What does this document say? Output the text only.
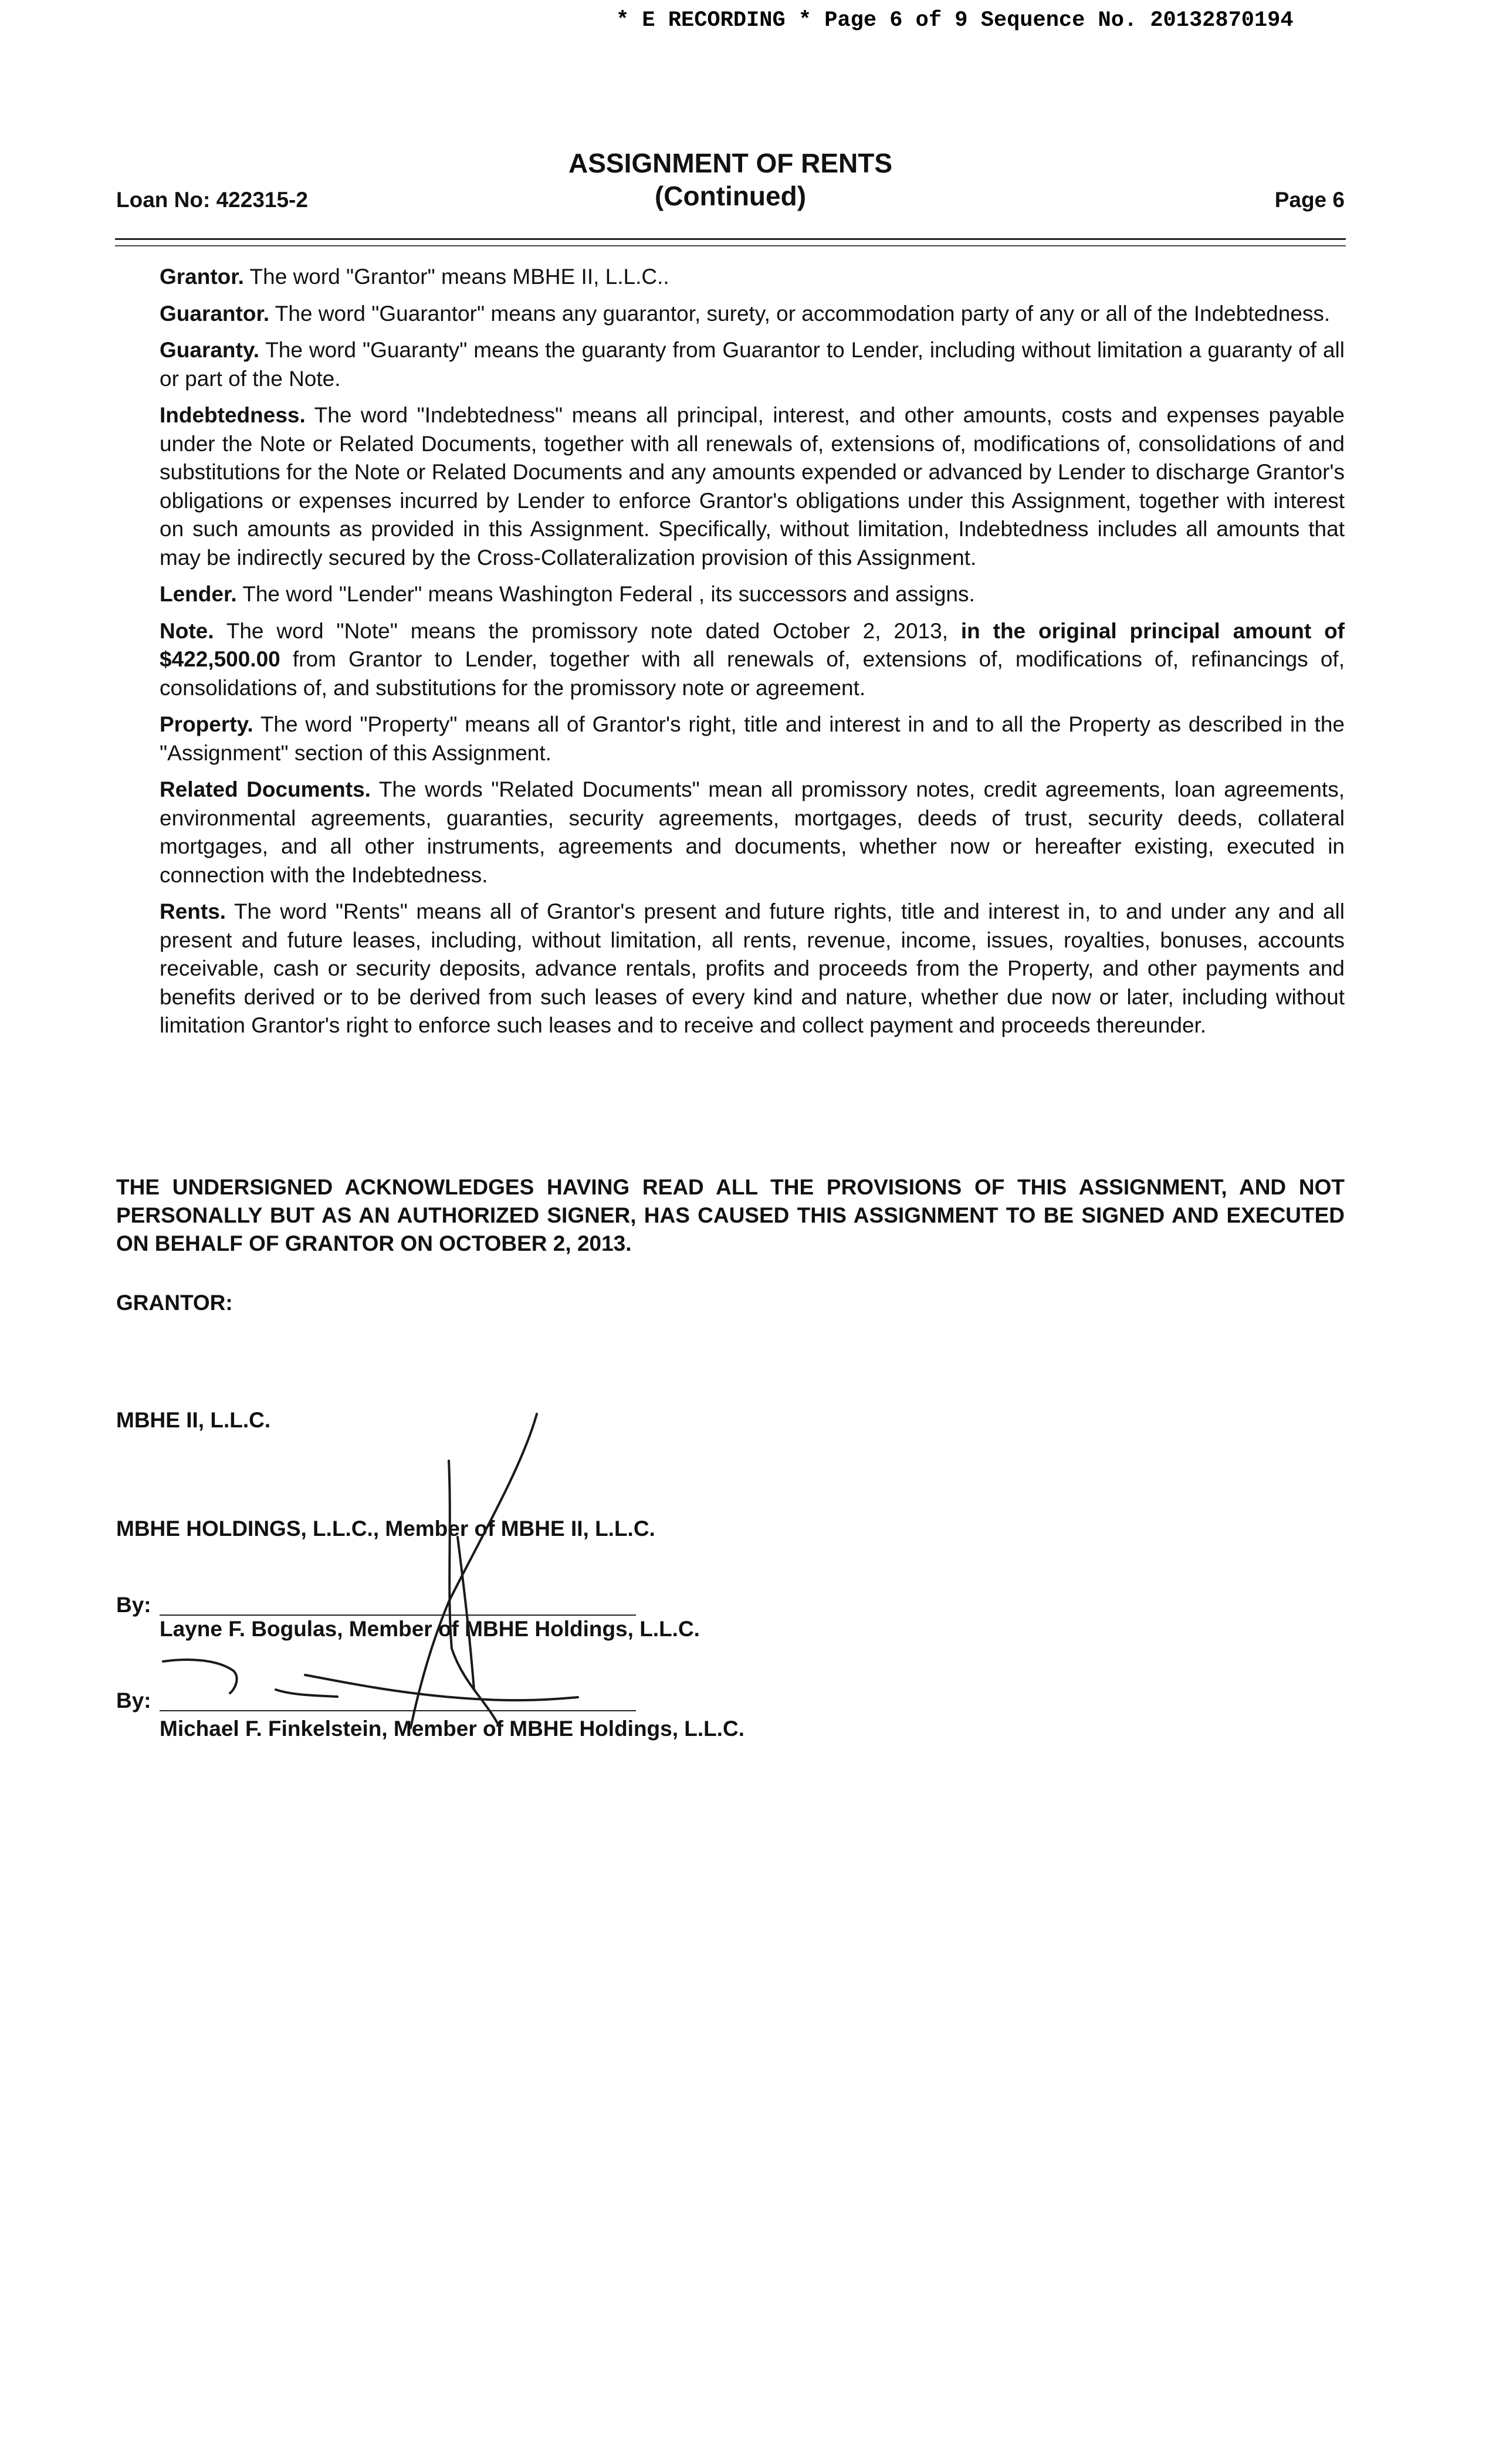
* E RECORDING * Page 6 of 9 Sequence No. 20132870194
Loan No: 422315-2
ASSIGNMENT OF RENTS
(Continued)	Page 6

Grantor. The word "Grantor" means MBHE II, L.L.C..

Guarantor. The word "Guarantor" means any guarantor, surety, or accommodation party of any or all of the Indebtedness.

Guaranty. The word "Guaranty" means the guaranty from Guarantor to Lender, including without limitation a guaranty of all or part of the Note.

Indebtedness. The word "Indebtedness" means all principal, interest, and other amounts, costs and expenses payable under the Note or Related Documents, together with all renewals of, extensions of, modifications of, consolidations of and substitutions for the Note or Related Documents and any amounts expended or advanced by Lender to discharge Grantor's obligations or expenses incurred by Lender to enforce Grantor's obligations under this Assignment, together with interest on such amounts as provided in this Assignment. Specifically, without limitation, Indebtedness includes all amounts that may be indirectly secured by the Cross-Collateralization provision of this Assignment.

Lender. The word "Lender" means Washington Federal , its successors and assigns.

Note. The word "Note" means the promissory note dated October 2, 2013, in the original principal amount of $422,500.00 from Grantor to Lender, together with all renewals of, extensions of, modifications of, refinancings of, consolidations of, and substitutions for the promissory note or agreement.

Property. The word "Property" means all of Grantor's right, title and interest in and to all the Property as described in the "Assignment" section of this Assignment.

Related Documents. The words "Related Documents" mean all promissory notes, credit agreements, loan agreements, environmental agreements, guaranties, security agreements, mortgages, deeds of trust, security deeds, collateral mortgages, and all other instruments, agreements and documents, whether now or hereafter existing, executed in connection with the Indebtedness.

Rents. The word "Rents" means all of Grantor's present and future rights, title and interest in, to and under any and all present and future leases, including, without limitation, all rents, revenue, income, issues, royalties, bonuses, accounts receivable, cash or security deposits, advance rentals, profits and proceeds from the Property, and other payments and benefits derived or to be derived from such leases of every kind and nature, whether due now or later, including without limitation Grantor's right to enforce such leases and to receive and collect payment and proceeds thereunder.

THE UNDERSIGNED ACKNOWLEDGES HAVING READ ALL THE PROVISIONS OF THIS ASSIGNMENT, AND NOT PERSONALLY BUT AS AN AUTHORIZED SIGNER, HAS CAUSED THIS ASSIGNMENT TO BE SIGNED AND EXECUTED ON BEHALF OF GRANTOR ON OCTOBER 2, 2013.
GRANTOR:
MBHE II, L.L.C.
MBHE HOLDINGS, L.L.C., Member of MBHE II, L.L.C.
By:
Layne F. Bogulas, Member of MBHE Holdings, L.L.C.
By:
Michael F. Finkelstein, Member of MBHE Holdings, L.L.C.
